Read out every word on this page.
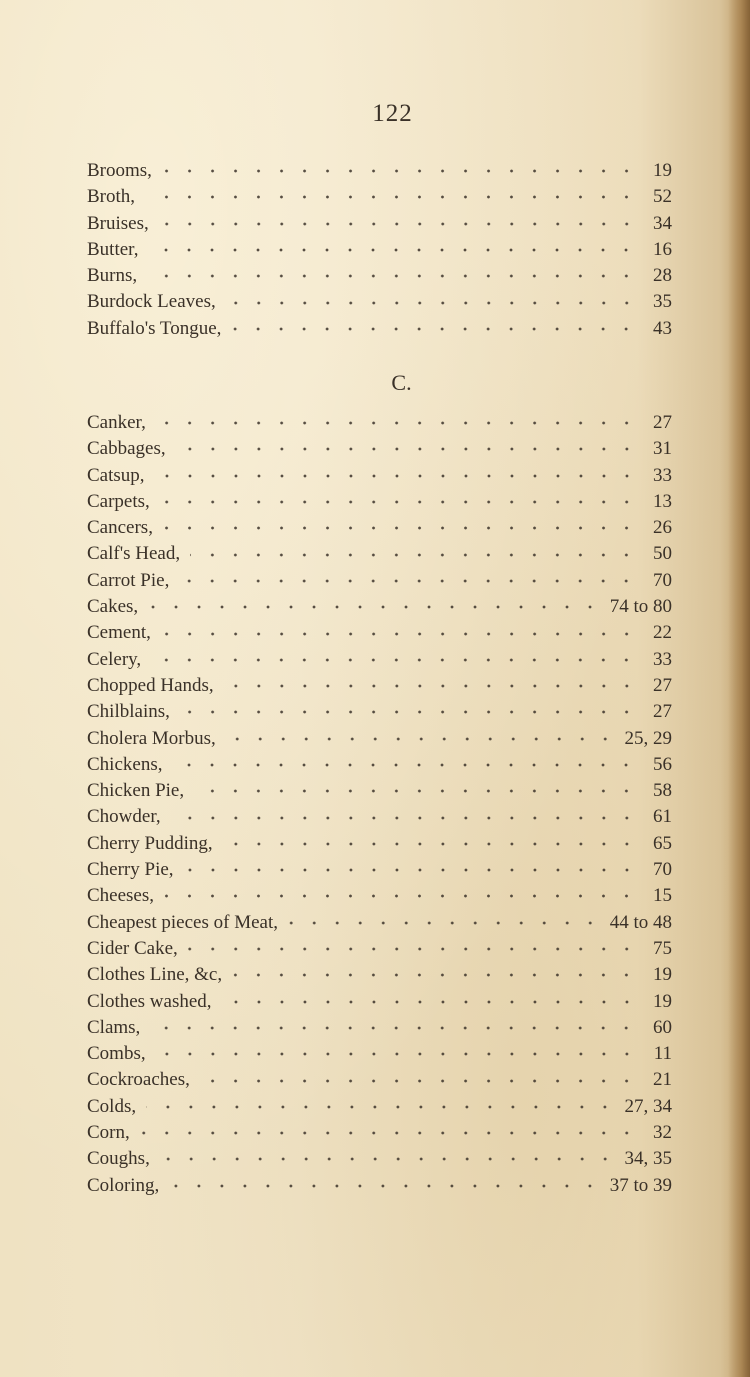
122
Brooms,	19
Broth,	52
Bruises,	34
Butter,	16
Burns,	28
Burdock Leaves,	35
Buffalo's Tongue,	43
C.
Canker,	27
Cabbages,	31
Catsup,	33
Carpets,	13
Cancers,	26
Calf's Head,	50
Carrot Pie,	70
Cakes,	74 to 80
Cement,	22
Celery,	33
Chopped Hands,	27
Chilblains,	27
Cholera Morbus,	25, 29
Chickens,	56
Chicken Pie,	58
Chowder,	61
Cherry Pudding,	65
Cherry Pie,	70
Cheeses,	15
Cheapest pieces of Meat,	44 to 48
Cider Cake,	75
Clothes Line, &c,	19
Clothes washed,	19
Clams,	60
Combs,	11
Cockroaches,	21
Colds,	27, 34
Corn,	32
Coughs,	34, 35
Coloring,	37 to 39
